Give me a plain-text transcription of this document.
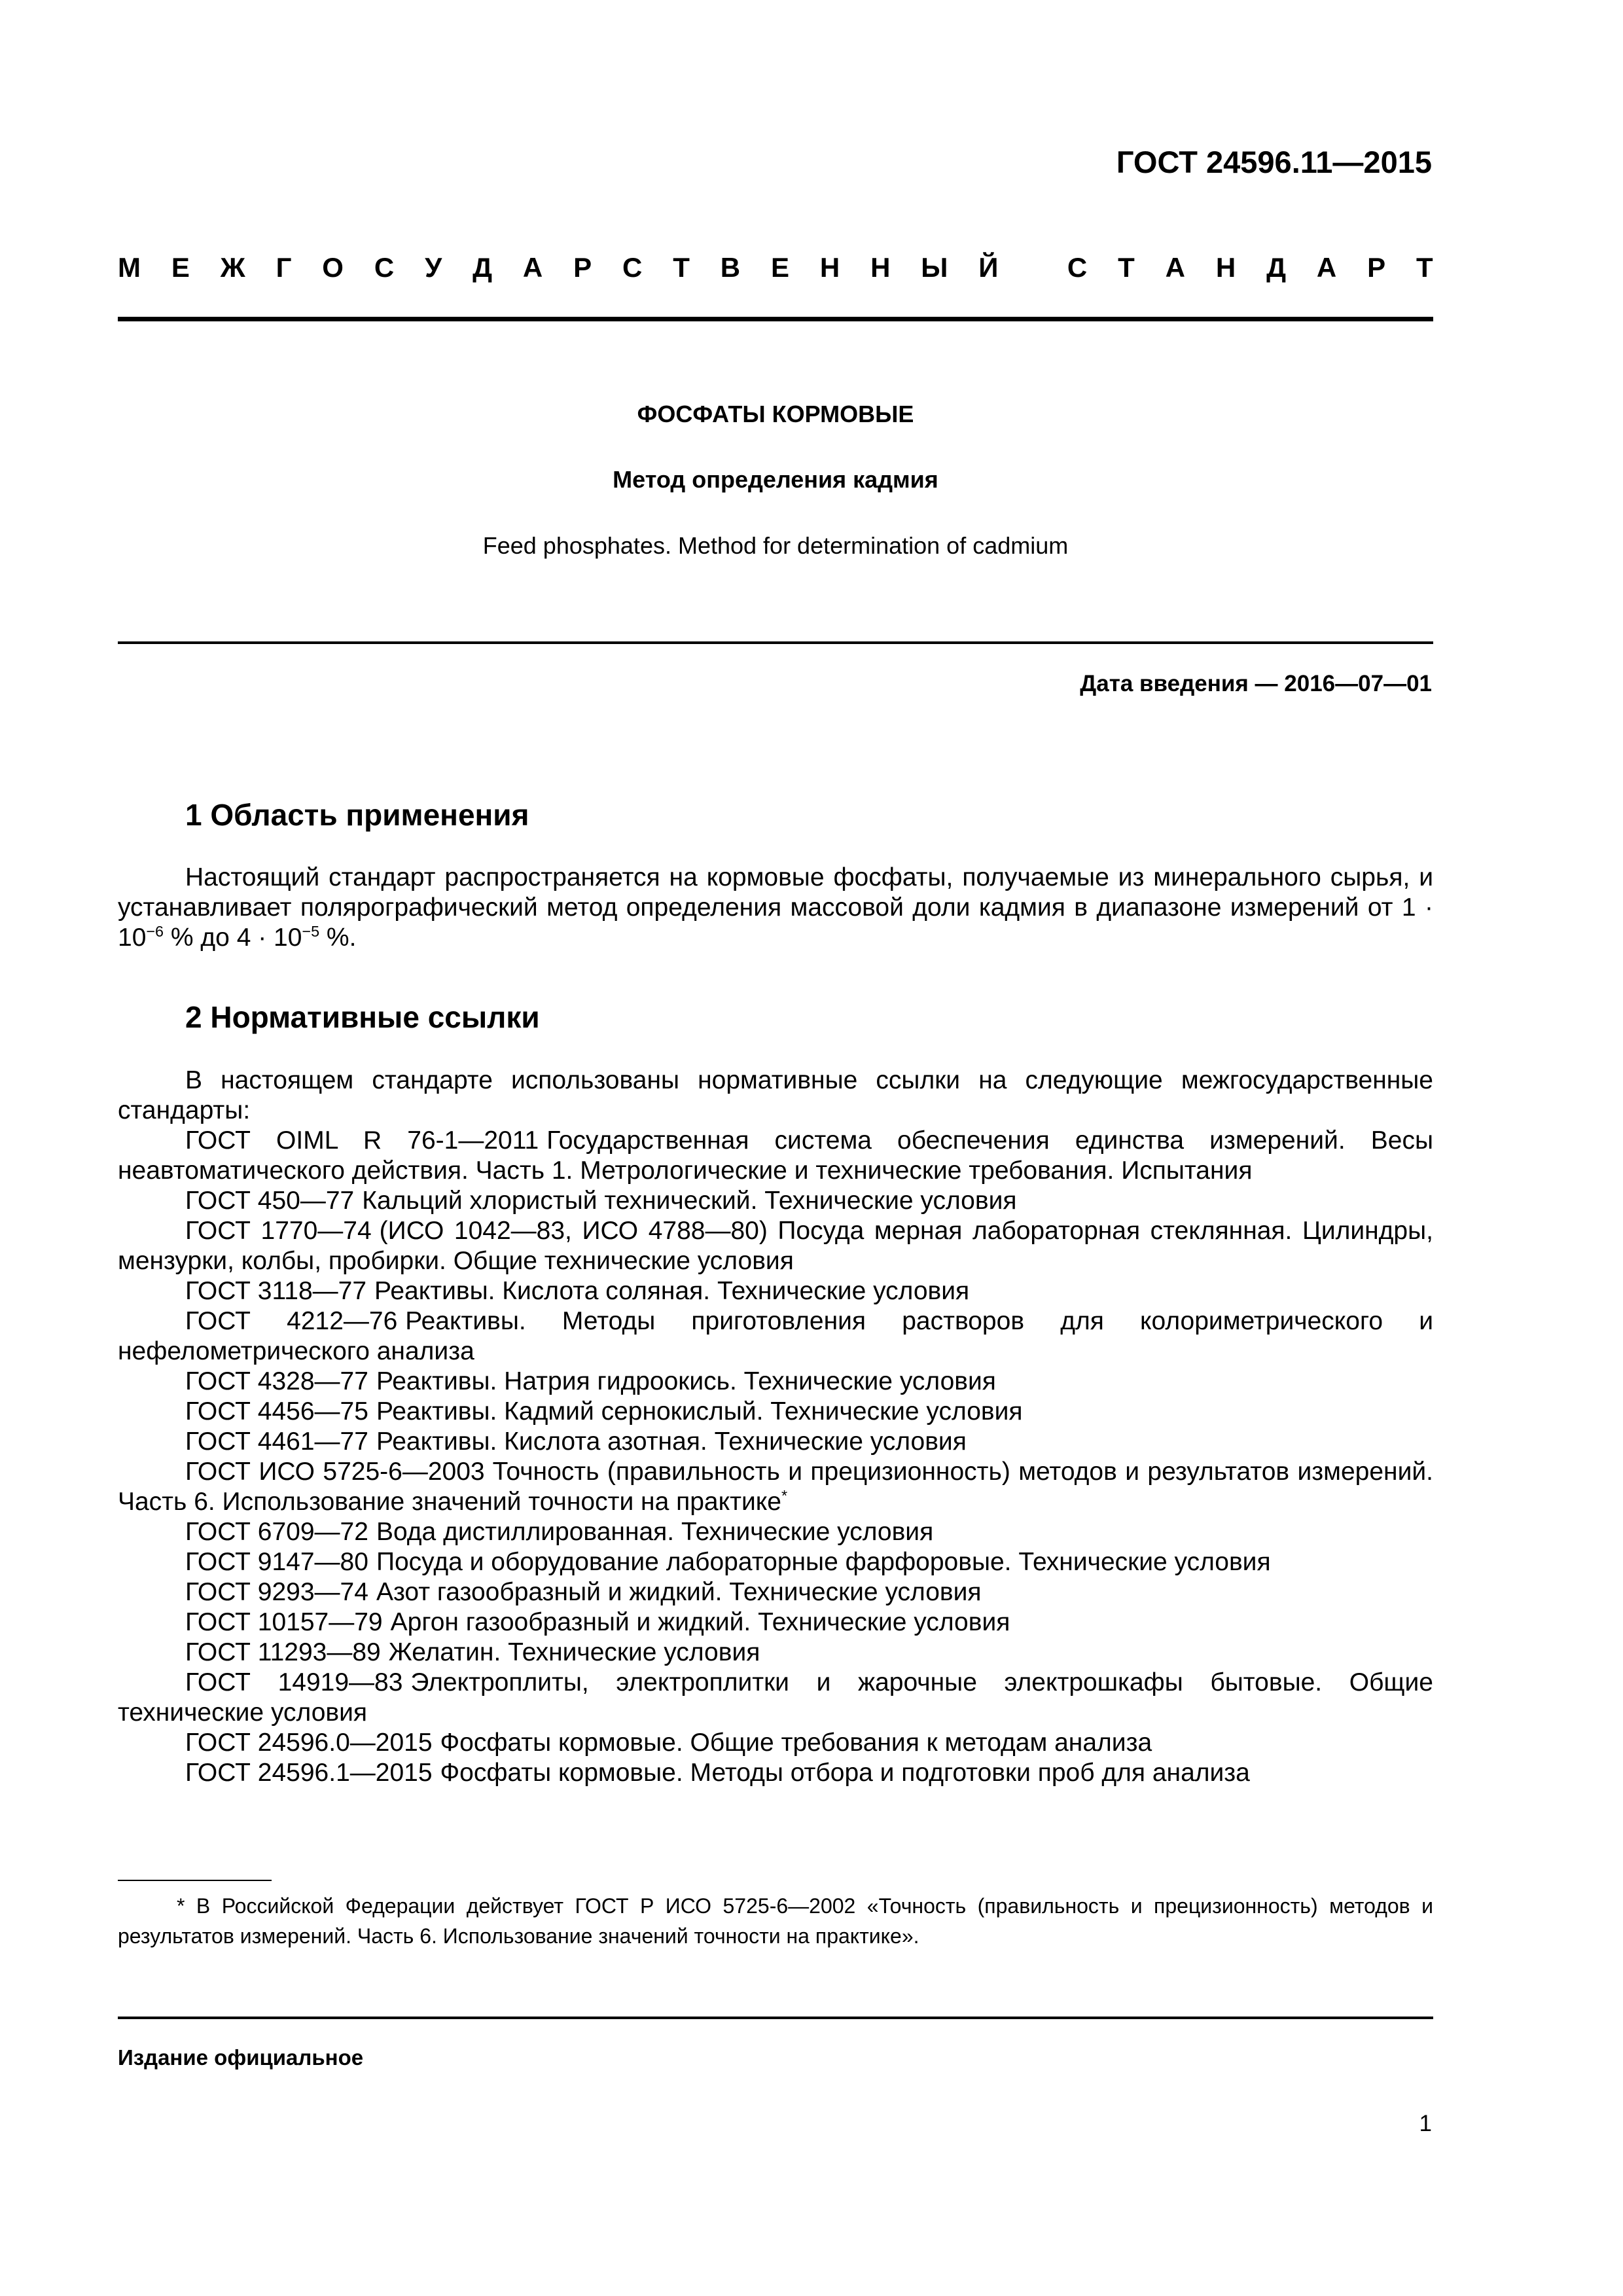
ГОСТ 24596.11—2015
М Е Ж Г О С У Д А Р С Т В Е Н Н Ы Й
	С Т А Н Д А Р Т
ФОСФАТЫ КОРМОВЫЕ
Метод определения кадмия
Feed phosphates. Method for determination of cadmium
Дата введения — 2016—07—01
1 Область применения
Настоящий стандарт распространяется на кормовые фосфаты, получаемые из минерального сырья, и устанавливает полярографический метод определения массовой доли кадмия в диапазоне измерений от $1 \cdot 10^{-6}$ % до $4 \cdot 10^{-5}$ %.
2 Нормативные ссылки
В настоящем стандарте использованы нормативные ссылки на следующие межгосударственные стандарты:

ГОСТ OIML R 76-1—2011 Государственная система обеспечения единства измерений. Весы неавтоматического действия. Часть 1. Метрологические и технические требования. Испытания

ГОСТ 450—77 Кальций хлористый технический. Технические условия

ГОСТ 1770—74 (ИСО 1042—83, ИСО 4788—80) Посуда мерная лабораторная стеклянная. Цилиндры, мензурки, колбы, пробирки. Общие технические условия

ГОСТ 3118—77 Реактивы. Кислота соляная. Технические условия

ГОСТ 4212—76 Реактивы. Методы приготовления растворов для колориметрического и нефелометрического анализа

ГОСТ 4328—77 Реактивы. Натрия гидроокись. Технические условия

ГОСТ 4456—75 Реактивы. Кадмий сернокислый. Технические условия

ГОСТ 4461—77 Реактивы. Кислота азотная. Технические условия

ГОСТ ИСО 5725-6—2003 Точность (правильность и прецизионность) методов и результатов измерений. Часть 6. Использование значений точности на практике*

ГОСТ 6709—72 Вода дистиллированная. Технические условия

ГОСТ 9147—80 Посуда и оборудование лабораторные фарфоровые. Технические условия

ГОСТ 9293—74 Азот газообразный и жидкий. Технические условия

ГОСТ 10157—79 Аргон газообразный и жидкий. Технические условия

ГОСТ 11293—89 Желатин. Технические условия

ГОСТ 14919—83 Электроплиты, электроплитки и жарочные электрошкафы бытовые. Общие технические условия

ГОСТ 24596.0—2015 Фосфаты кормовые. Общие требования к методам анализа

ГОСТ 24596.1—2015 Фосфаты кормовые. Методы отбора и подготовки проб для анализа

* В Российской Федерации действует ГОСТ Р ИСО 5725-6—2002 «Точность (правильность и прецизионность) методов и результатов измерений. Часть 6. Использование значений точности на практике».
Издание официальное
1
